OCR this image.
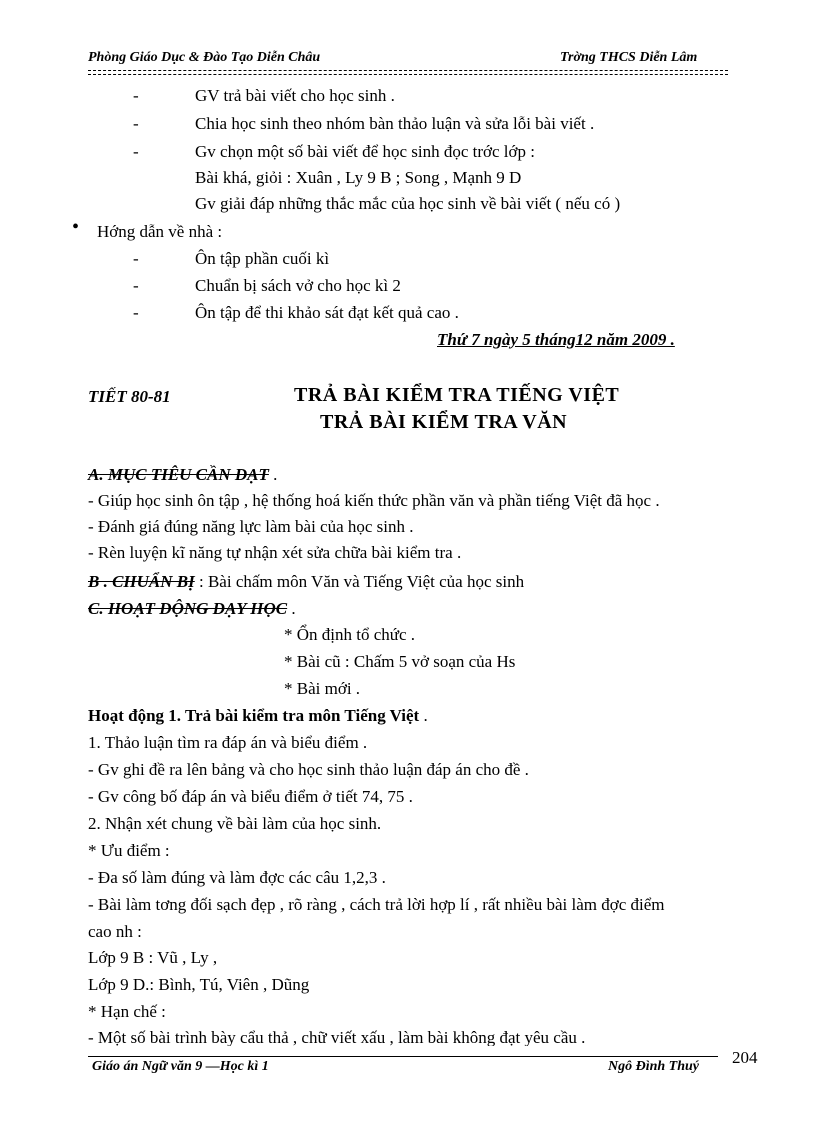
Phòng Giáo Dục & Đào Tạo Diễn Châu	Trờng THCS Diễn Lâm
-	GV trả bài viết cho học sinh .
-	Chia học sinh theo nhóm bàn thảo luận và sửa lỗi bài viết .
-	Gv chọn một số bài viết để học sinh đọc trớc lớp :
Bài khá, giỏi : Xuân , Ly 9 B ; Song , Mạnh 9 D
Gv giải đáp những thắc mắc của học sinh về bài viết ( nếu có )
• Hớng dẫn về nhà :
-	Ôn tập phần cuối kì
-	Chuẩn bị sách vở cho học kì 2
-	Ôn tập để thi khảo sát đạt kết quả cao .
Thứ 7 ngày 5 tháng12 năm 2009 .
TIẾT 80-81	TRẢ BÀI KIỂM TRA TIẾNG VIỆT
TRẢ BÀI KIỂM TRA VĂN
A. MỤC TIÊU CẦN ĐẠT .
- Giúp học sinh ôn tập , hệ thống hoá kiến thức phần văn và phần tiếng Việt đã học .
- Đánh giá đúng năng lực làm bài của học sinh .
- Rèn luyện kĩ năng tự nhận xét sửa chữa bài kiểm tra .
B . CHUẨN BỊ : Bài chấm môn Văn và Tiếng Việt của học sinh
C. HOẠT ĐỘNG DẠY HỌC .
* Ổn định tổ chức .
* Bài cũ : Chấm 5 vở soạn của Hs
* Bài mới .
Hoạt động 1. Trả bài kiểm tra môn Tiếng Việt .
1. Thảo luận tìm ra đáp án và biểu điểm .
- Gv ghi đề ra lên bảng và cho học sinh thảo luận đáp án cho đề .
- Gv công bố đáp án và biểu điểm ở tiết 74, 75 .
2. Nhận xét chung về bài làm của học sinh.
* Ưu điểm :
- Đa số làm đúng và làm đợc các câu 1,2,3 .
- Bài làm tơng đối sạch đẹp , rõ ràng , cách trả lời hợp lí , rất nhiều bài làm đợc điểm
cao nh :
Lớp 9 B : Vũ , Ly ,
Lớp 9 D.: Bình, Tú, Viên , Dũng
* Hạn chế :
- Một số bài trình bày cẩu thả , chữ viết xấu , làm bài không đạt yêu cầu .
Giáo án Ngữ văn 9 —Học kì 1	Ngô Đình Thuý 204
